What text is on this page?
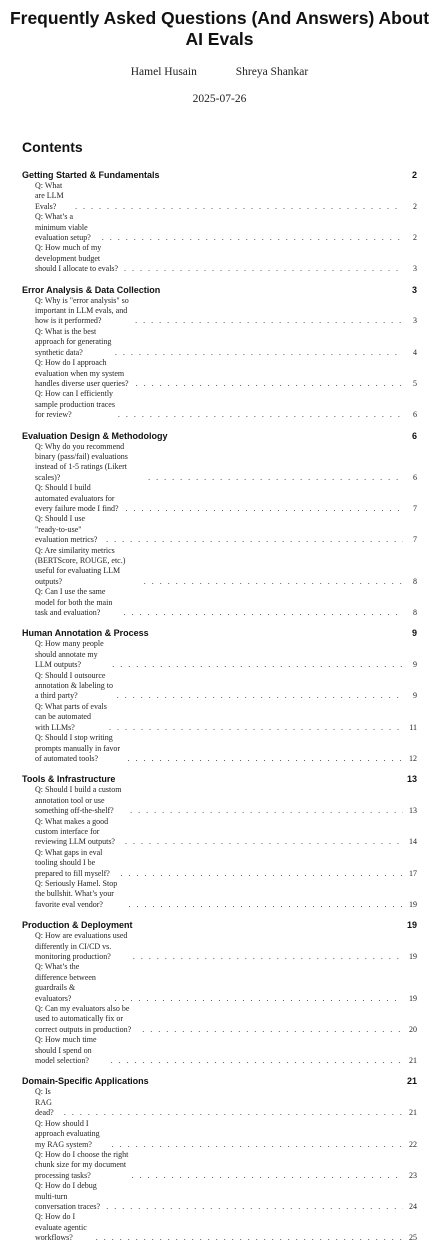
Frequently Asked Questions (And Answers) About AI Evals
Hamel Husain	Shreya Shankar
2025-07-26
Contents
Getting Started & Fundamentals	2
Q: What are LLM Evals? . . .	2
Q: What’s a minimum viable evaluation setup? . . .	2
Q: How much of my development budget should I allocate to evals? . . .	3
Error Analysis & Data Collection	3
Q: Why is "error analysis" so important in LLM evals, and how is it performed? . . .	3
Q: What is the best approach for generating synthetic data? . . .	4
Q: How do I approach evaluation when my system handles diverse user queries? . . .	5
Q: How can I efficiently sample production traces for review? . . .	6
Evaluation Design & Methodology	6
Q: Why do you recommend binary (pass/fail) evaluations instead of 1-5 ratings (Likert scales)? . . .	6
Q: Should I build automated evaluators for every failure mode I find? . . .	7
Q: Should I use "ready-to-use" evaluation metrics? . . .	7
Q: Are similarity metrics (BERTScore, ROUGE, etc.) useful for evaluating LLM outputs? . . .	8
Q: Can I use the same model for both the main task and evaluation? . . .	8
Human Annotation & Process	9
Q: How many people should annotate my LLM outputs? . . .	9
Q: Should I outsource annotation & labeling to a third party? . . .	9
Q: What parts of evals can be automated with LLMs? . . .	11
Q: Should I stop writing prompts manually in favor of automated tools? . . .	12
Tools & Infrastructure	13
Q: Should I build a custom annotation tool or use something off-the-shelf? . . .	13
Q: What makes a good custom interface for reviewing LLM outputs? . . .	14
Q: What gaps in eval tooling should I be prepared to fill myself? . . .	17
Q: Seriously Hamel. Stop the bullshit. What’s your favorite eval vendor? . . .	19
Production & Deployment	19
Q: How are evaluations used differently in CI/CD vs. monitoring production? . . .	19
Q: What’s the difference between guardrails & evaluators? . . .	19
Q: Can my evaluators also be used to automatically fix or correct outputs in production? . . .	20
Q: How much time should I spend on model selection? . . .	21
Domain-Specific Applications	21
Q: Is RAG dead? . . .	21
Q: How should I approach evaluating my RAG system? . . .	22
Q: How do I choose the right chunk size for my document processing tasks? . . .	23
Q: How do I debug multi-turn conversation traces? . . .	24
Q: How do I evaluate agentic workflows? . . .	25
